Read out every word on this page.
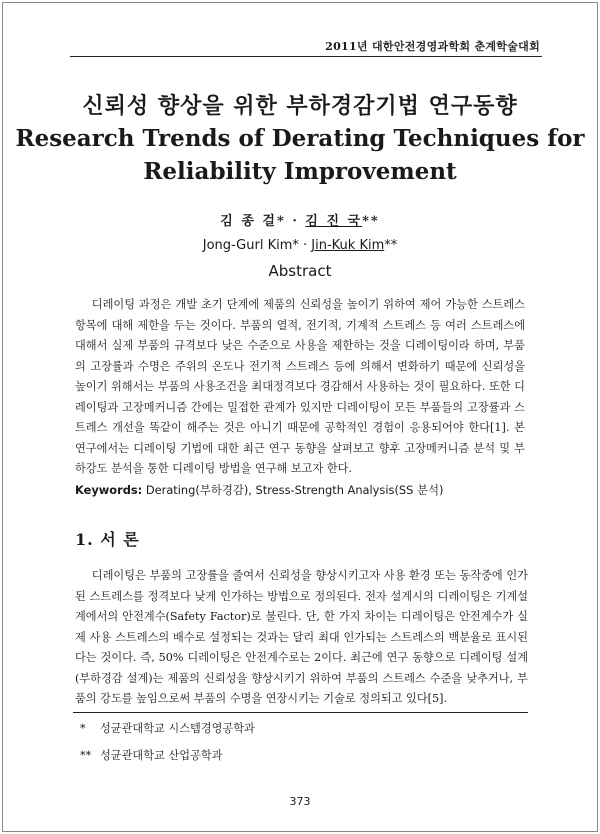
2011년 대한안전경영과학회 춘계학술대회

신뢰성 향상을 위한 부하경감기법 연구동향

Research Trends of Derating Techniques for

Reliability Improvement

김 종 걸* · 김 진 국**
Jong-Gurl Kim* · Jin-Kuk Kim**
Abstract

디레이팅 과정은 개발 초기 단계에 제품의 신뢰성을 높이기 위하여 제어 가능한 스트레스 항목에 대해 제한을 두는 것이다. 부품의 열적, 전기적, 기계적 스트레스 등 여러 스트레스에 대해서 실제 부품의 규격보다 낮은 수준으로 사용을 제한하는 것을 디레이팅이라 하며, 부품의 고장률과 수명은 주위의 온도나 전기적 스트레스 등에 의해서 변화하기 때문에 신뢰성을 높이기 위해서는 부품의 사용조건을 최대정격보다 경감해서 사용하는 것이 필요하다. 또한 디레이팅과 고장메커니즘 간에는 밀접한 관계가 있지만 디레이팅이 모든 부품들의 고장률과 스트레스 개선을 똑같이 해주는 것은 아니기 때문에 공학적인 경험이 응용되어야 한다[1]. 본 연구에서는 디레이팅 기법에 대한 최근 연구 동향을 살펴보고 향후 고장메커니즘 분석 및 부하강도 분석을 통한 디레이팅 방법을 연구해 보고자 한다.

Keywords: Derating(부하경감), Stress-Strength Analysis(SS 분석)
1. 서 론

디레이팅은 부품의 고장률을 줄여서 신뢰성을 향상시키고자 사용 환경 또는 동작중에 인가된 스트레스를 정격보다 낮게 인가하는 방법으로 정의된다. 전자 설계시의 디레이팅은 기계설계에서의 안전계수(Safety Factor)로 불린다. 단, 한 가지 차이는 디레이팅은 안전계수가 실제 사용 스트레스의 배수로 설정되는 것과는 달리 최대 인가되는 스트레스의 백분율로 표시된다는 것이다. 즉, 50% 디레이팅은 안전계수로는 2이다. 최근에 연구 동향으로 디레이팅 설계(부하경감 설계)는 제품의 신뢰성을 향상시키기 위하여 부품의 스트레스 수준을 낮추거나, 부품의 강도를 높임으로써 부품의 수명을 연장시키는 기술로 정의되고 있다[5].

* 성균관대학교 시스템경영공학과
** 성균관대학교 산업공학과
373
